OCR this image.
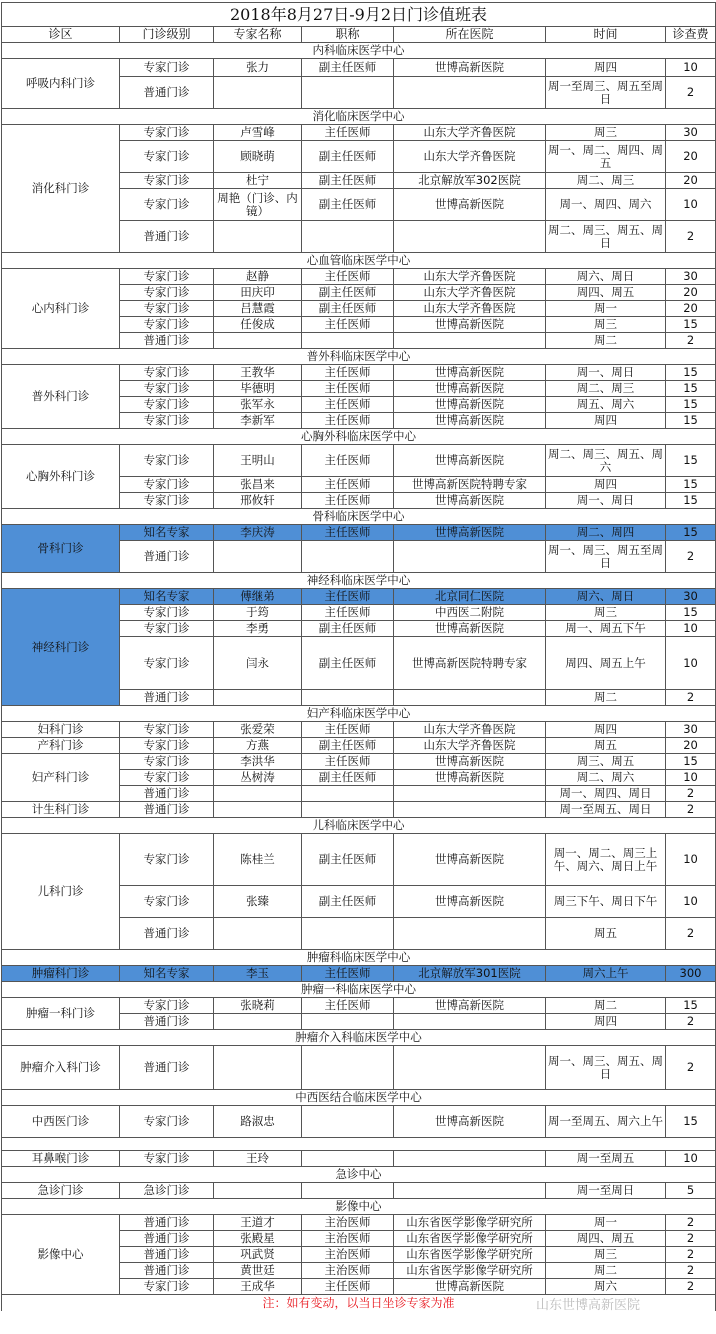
2018年8月27日-9月2日门诊值班表						
诊区	门诊级别	专家名称	职称	所在医院	时间	诊查费
内科临床医学中心						
呼吸内科门诊	专家门诊	张力	副主任医师	世博高新医院	周四	10
	普通门诊				周一至周三、周五至周日	2
消化临床医学中心						
消化科门诊	专家门诊	卢雪峰	主任医师	山东大学齐鲁医院	周三	30
	专家门诊	顾晓萌	副主任医师	山东大学齐鲁医院	周一、周二、周四、周五	20
	专家门诊	杜宁	副主任医师	北京解放军302医院	周二、周三	20
	专家门诊	周艳（门诊、内镜）	副主任医师	世博高新医院	周一、周四、周六	10
	普通门诊				周二、周三、周五、周日	2
心血管临床医学中心						
心内科门诊	专家门诊	赵静	主任医师	山东大学齐鲁医院	周六、周日	30
	专家门诊	田庆印	副主任医师	山东大学齐鲁医院	周四、周五	20
	专家门诊	吕慧霞	副主任医师	山东大学齐鲁医院	周一	20
	专家门诊	任俊成	主任医师	世博高新医院	周三	15
	普通门诊				周二	2
普外科临床医学中心						
普外科门诊	专家门诊	王教华	主任医师	世博高新医院	周一、周日	15
	专家门诊	毕德明	主任医师	世博高新医院	周二、周三	15
	专家门诊	张军永	主任医师	世博高新医院	周五、周六	15
	专家门诊	李新军	主任医师	世博高新医院	周四	15
心胸外科临床医学中心						
心胸外科门诊	专家门诊	王明山	主任医师	世博高新医院	周二、周三、周五、周六	15
	专家门诊	张昌来	主任医师	世博高新医院特聘专家	周四	15
	专家门诊	邢攸轩	主任医师	世博高新医院	周一、周日	15
骨科临床医学中心						
骨科门诊	知名专家	李庆涛	主任医师	世博高新医院	周二、周四	15
	普通门诊				周一、周三、周五至周日	2
神经科临床医学中心						
神经科门诊	知名专家	傅继弟	主任医师	北京同仁医院	周六、周日	30
	专家门诊	于筠	主任医师	中西医二附院	周三	15
	专家门诊	李勇	副主任医师	世博高新医院	周一、周五下午	10
	专家门诊	闫永	副主任医师	世博高新医院特聘专家	周四、周五上午	10
	普通门诊				周二	2
妇产科临床医学中心						
妇科门诊	专家门诊	张爱荣	主任医师	山东大学齐鲁医院	周四	30
产科门诊	专家门诊	方燕	副主任医师	山东大学齐鲁医院	周五	20
妇产科门诊	专家门诊	李洪华	主任医师	世博高新医院	周三、周五	15
	专家门诊	丛树涛	副主任医师	世博高新医院	周二、周六	10
	普通门诊				周一、周四、周日	2
计生科门诊	普通门诊				周一至周五、周日	2
儿科临床医学中心						
儿科门诊	专家门诊	陈桂兰	副主任医师	世博高新医院	周一、周二、周三上午、周六、周日上午	10
	专家门诊	张臻	副主任医师	世博高新医院	周三下午、周日下午	10
	普通门诊				周五	2
肿瘤科临床医学中心						
肿瘤科门诊	知名专家	李玉	主任医师	北京解放军301医院	周六上午	300
肿瘤一科临床医学中心						
肿瘤一科门诊	专家门诊	张晓莉	主任医师	世博高新医院	周二	15
	普通门诊				周四	2
肿瘤介入科临床医学中心						
肿瘤介入科门诊	普通门诊				周一、周三、周五、周日	2
中西医结合临床医学中心						
中西医门诊	专家门诊	路淑忠		世博高新医院	周一至周五、周六上午	15

耳鼻喉门诊	专家门诊	王玲			周一至周五	10
急诊中心						
急诊门诊	急诊门诊				周一至周日	5
影像中心						
影像中心	普通门诊	王道才	主治医师	山东省医学影像学研究所	周一	2
	普通门诊	张殿星	主治医师	山东省医学影像学研究所	周四、周五	2
	普通门诊	巩武贤	主治医师	山东省医学影像学研究所	周三	2
	普通门诊	黄世廷	主治医师	山东省医学影像学研究所	周二	2
	专家门诊	王成华	主任医师	世博高新医院	周六	2
注：如有变动，以当日坐诊专家为准							山东世博高新医院
